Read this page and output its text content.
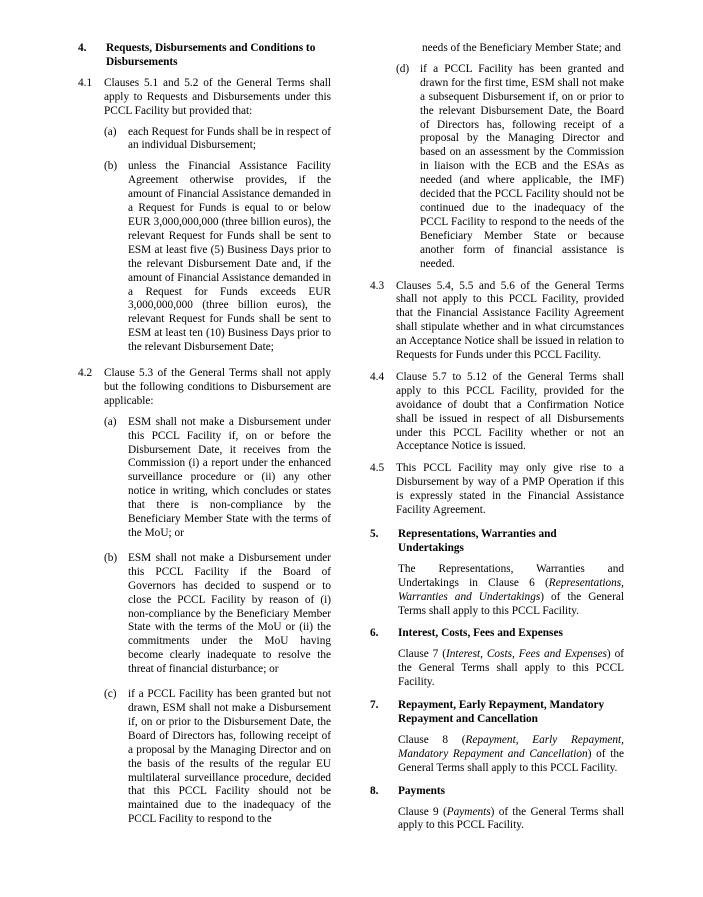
4.	Requests, Disbursements and Conditions to Disbursements
4.1	Clauses 5.1 and 5.2 of the General Terms shall apply to Requests and Disbursements under this PCCL Facility but provided that:
(a)	each Request for Funds shall be in respect of an individual Disbursement;
(b) unless the Financial Assistance Facility Agreement otherwise provides, if the amount of Financial Assistance demanded in a Request for Funds is equal to or below EUR 3,000,000,000 (three billion euros), the relevant Request for Funds shall be sent to ESM at least five (5) Business Days prior to the relevant Disbursement Date and, if the amount of Financial Assistance demanded in a Request for Funds exceeds EUR 3,000,000,000 (three billion euros), the relevant Request for Funds shall be sent to ESM at least ten (10) Business Days prior to the relevant Disbursement Date;
4.2	Clause 5.3 of the General Terms shall not apply but the following conditions to Disbursement are applicable:
(a)	ESM shall not make a Disbursement under this PCCL Facility if, on or before the Disbursement Date, it receives from the Commission (i) a report under the enhanced surveillance procedure or (ii) any other notice in writing, which concludes or states that there is non-compliance by the Beneficiary Member State with the terms of the MoU; or
(b) ESM shall not make a Disbursement under this PCCL Facility if the Board of Governors has decided to suspend or to close the PCCL Facility by reason of (i) non-compliance by the Beneficiary Member State with the terms of the MoU or (ii) the commitments under the MoU having become clearly inadequate to resolve the threat of financial disturbance; or
(c)	if a PCCL Facility has been granted but not drawn, ESM shall not make a Disbursement if, on or prior to the Disbursement Date, the Board of Directors has, following receipt of a proposal by the Managing Director and on the basis of the results of the regular EU multilateral surveillance procedure, decided that this PCCL Facility should not be maintained due to the inadequacy of the PCCL Facility to respond to the

needs of the Beneficiary Member State; and

(d) if a PCCL Facility has been granted and drawn for the first time, ESM shall not make a subsequent Disbursement if, on or prior to the relevant Disbursement Date, the Board of Directors has, following receipt of a proposal by the Managing Director and based on an assessment by the Commission in liaison with the ECB and the ESAs as needed (and where applicable, the IMF) decided that the PCCL Facility should not be continued due to the inadequacy of the PCCL Facility to respond to the needs of the Beneficiary Member State or because another form of financial assistance is needed.
4.3	Clauses 5.4, 5.5 and 5.6 of the General Terms shall not apply to this PCCL Facility, provided that the Financial Assistance Facility Agreement shall stipulate whether and in what circumstances an Acceptance Notice shall be issued in relation to Requests for Funds under this PCCL Facility.
4.4	Clause 5.7 to 5.12 of the General Terms shall apply to this PCCL Facility, provided for the avoidance of doubt that a Confirmation Notice shall be issued in respect of all Disbursements under this PCCL Facility whether or not an Acceptance Notice is issued.
4.5	This PCCL Facility may only give rise to a Disbursement by way of a PMP Operation if this is expressly stated in the Financial Assistance Facility Agreement.
5.	Representations, Warranties and Undertakings

The Representations, Warranties and Undertakings in Clause 6 (Representations, Warranties and Undertakings) of the General Terms shall apply to this PCCL Facility.

6.	Interest, Costs, Fees and Expenses

Clause 7 (Interest, Costs, Fees and Expenses) of the General Terms shall apply to this PCCL Facility.

7.	Repayment, Early Repayment, Mandatory Repayment and Cancellation

Clause 8 (Repayment, Early Repayment, Mandatory Repayment and Cancellation) of the General Terms shall apply to this PCCL Facility.

8.	Payments

Clause 9 (Payments) of the General Terms shall apply to this PCCL Facility.
